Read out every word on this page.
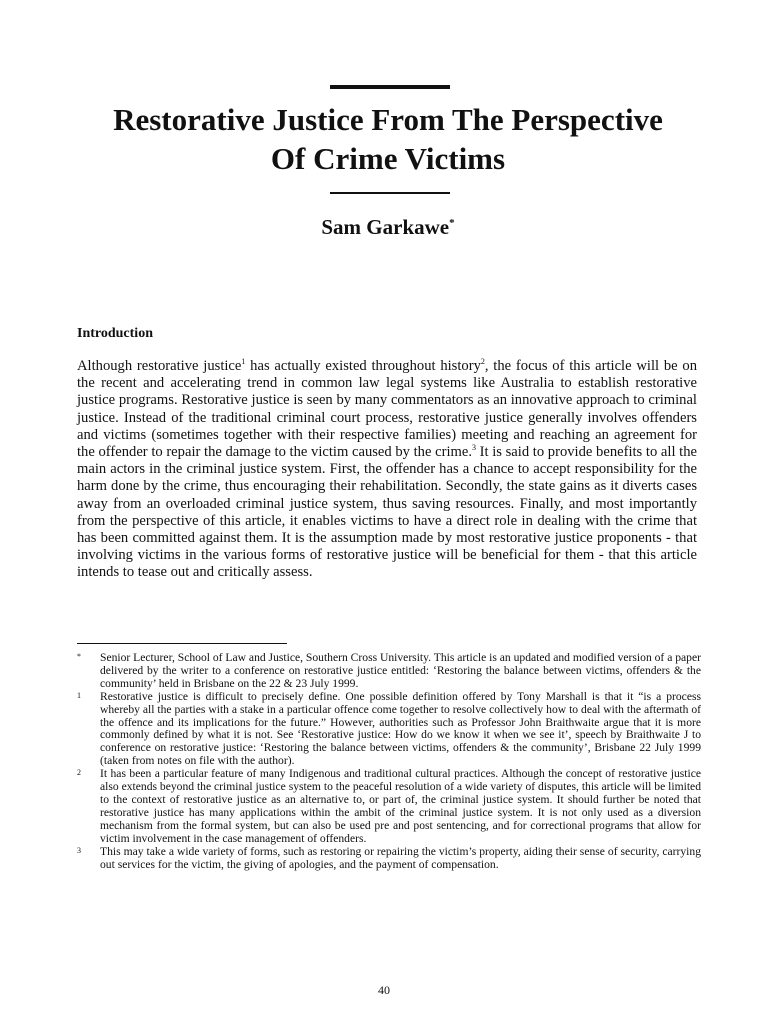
Restorative Justice From The Perspective Of Crime Victims

Sam Garkawe*

Introduction

Although restorative justice$^1$ has actually existed throughout history$^2$, the focus of this article will be on the recent and accelerating trend in common law legal systems like Australia to establish restorative justice programs. Restorative justice is seen by many commentators as an innovative approach to criminal justice. Instead of the traditional criminal court process, restorative justice generally involves offenders and victims (sometimes together with their respective families) meeting and reaching an agreement for the offender to repair the damage to the victim caused by the crime.$^3$ It is said to provide benefits to all the main actors in the criminal justice system. First, the offender has a chance to accept responsibility for the harm done by the crime, thus encouraging their rehabilitation. Secondly, the state gains as it diverts cases away from an overloaded criminal justice system, thus saving resources. Finally, and most importantly from the perspective of this article, it enables victims to have a direct role in dealing with the crime that has been committed against them. It is the assumption made by most restorative justice proponents - that involving victims in the various forms of restorative justice will be beneficial for them - that this article intends to tease out and critically assess.

* Senior Lecturer, School of Law and Justice, Southern Cross University. This article is an updated and modified version of a paper delivered by the writer to a conference on restorative justice entitled: ‘Restoring the balance between victims, offenders & the community’ held in Brisbane on the 22 & 23 July 1999.
1 Restorative justice is difficult to precisely define. One possible definition offered by Tony Marshall is that it “is a process whereby all the parties with a stake in a particular offence come together to resolve collectively how to deal with the aftermath of the offence and its implications for the future.” However, authorities such as Professor John Braithwaite argue that it is more commonly defined by what it is not. See ‘Restorative justice: How do we know it when we see it’, speech by Braithwaite J to conference on restorative justice: ‘Restoring the balance between victims, offenders & the community’, Brisbane 22 July 1999 (taken from notes on file with the author).
2 It has been a particular feature of many Indigenous and traditional cultural practices. Although the concept of restorative justice also extends beyond the criminal justice system to the peaceful resolution of a wide variety of disputes, this article will be limited to the context of restorative justice as an alternative to, or part of, the criminal justice system. It should further be noted that restorative justice has many applications within the ambit of the criminal justice system. It is not only used as a diversion mechanism from the formal system, but can also be used pre and post sentencing, and for correctional programs that allow for victim involvement in the case management of offenders.
3 This may take a wide variety of forms, such as restoring or repairing the victim’s property, aiding their sense of security, carrying out services for the victim, the giving of apologies, and the payment of compensation.

40
